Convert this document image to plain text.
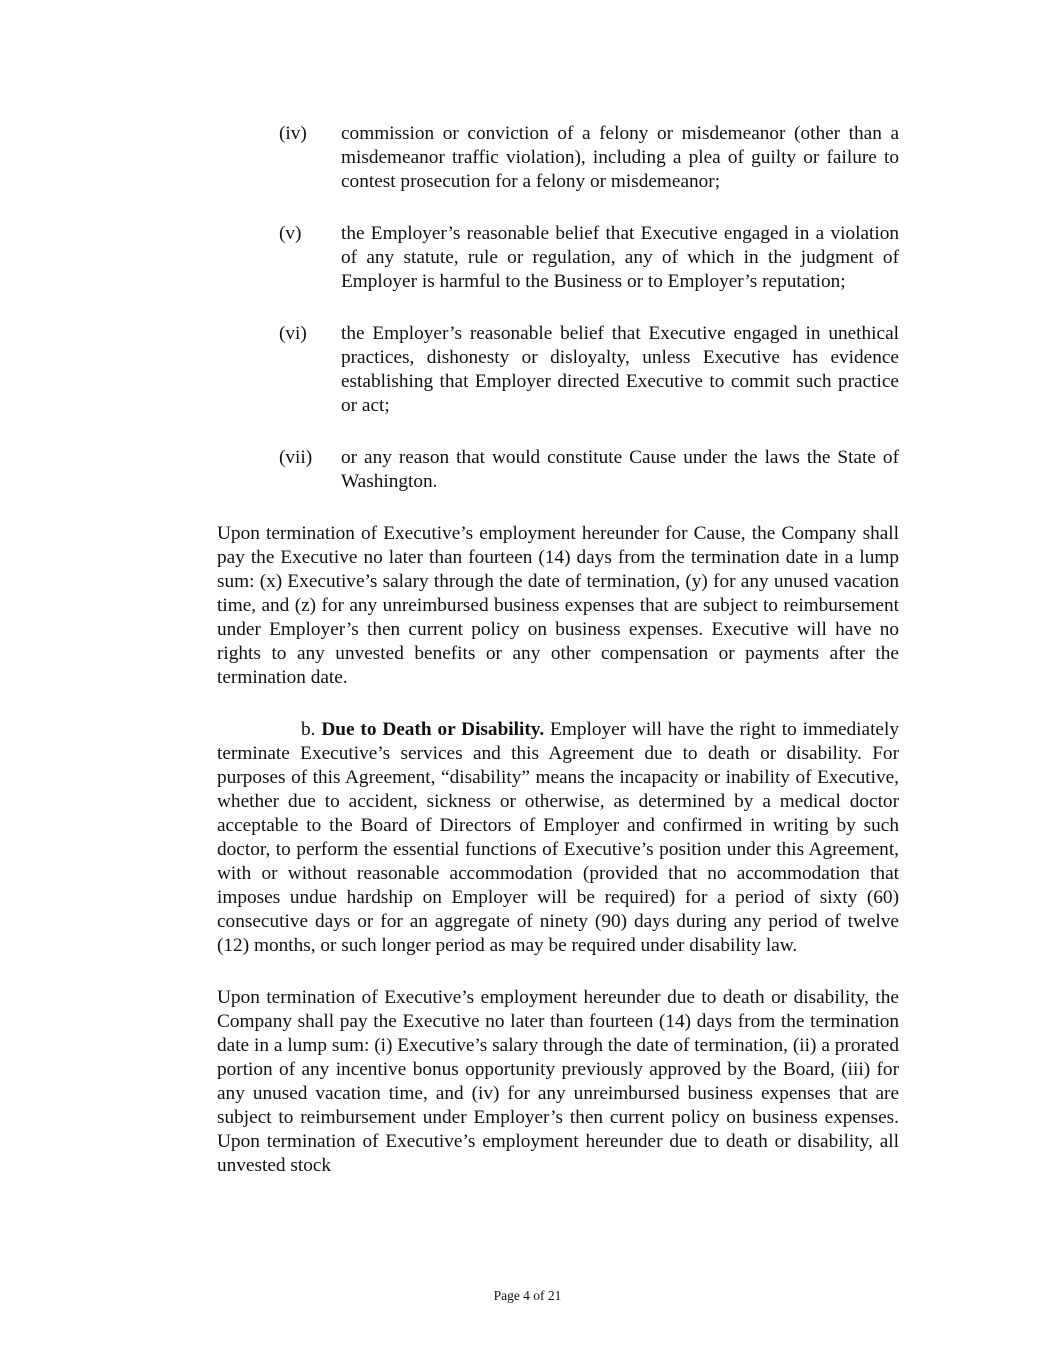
(iv) commission or conviction of a felony or misdemeanor (other than a misdemeanor traffic violation), including a plea of guilty or failure to contest prosecution for a felony or misdemeanor;
(v) the Employer’s reasonable belief that Executive engaged in a violation of any statute, rule or regulation, any of which in the judgment of Employer is harmful to the Business or to Employer’s reputation;
(vi) the Employer’s reasonable belief that Executive engaged in unethical practices, dishonesty or disloyalty, unless Executive has evidence establishing that Employer directed Executive to commit such practice or act;
(vii) or any reason that would constitute Cause under the laws the State of Washington.

Upon termination of Executive’s employment hereunder for Cause, the Company shall pay the Executive no later than fourteen (14) days from the termination date in a lump sum: (x) Executive’s salary through the date of termination, (y) for any unused vacation time, and (z) for any unreimbursed business expenses that are subject to reimbursement under Employer’s then current policy on business expenses. Executive will have no rights to any unvested benefits or any other compensation or payments after the termination date.

b. Due to Death or Disability. Employer will have the right to immediately terminate Executive’s services and this Agreement due to death or disability. For purposes of this Agreement, “disability” means the incapacity or inability of Executive, whether due to accident, sickness or otherwise, as determined by a medical doctor acceptable to the Board of Directors of Employer and confirmed in writing by such doctor, to perform the essential functions of Executive’s position under this Agreement, with or without reasonable accommodation (provided that no accommodation that imposes undue hardship on Employer will be required) for a period of sixty (60) consecutive days or for an aggregate of ninety (90) days during any period of twelve (12) months, or such longer period as may be required under disability law.

Upon termination of Executive’s employment hereunder due to death or disability, the Company shall pay the Executive no later than fourteen (14) days from the termination date in a lump sum: (i) Executive’s salary through the date of termination, (ii) a prorated portion of any incentive bonus opportunity previously approved by the Board, (iii) for any unused vacation time, and (iv) for any unreimbursed business expenses that are subject to reimbursement under Employer’s then current policy on business expenses. Upon termination of Executive’s employment hereunder due to death or disability, all unvested stock

Page 4 of 21
